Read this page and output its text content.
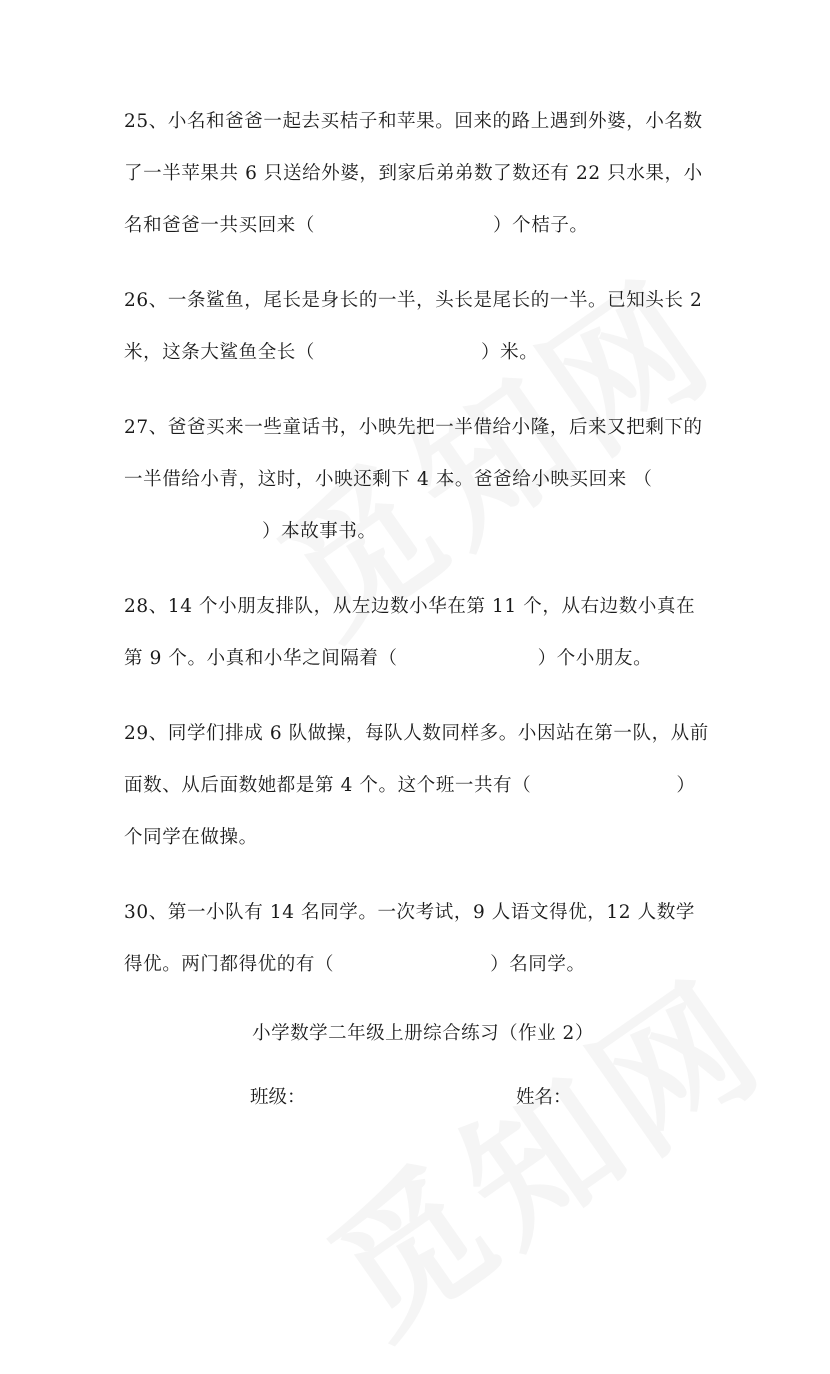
25、小名和爸爸一起去买桔子和苹果。回来的路上遇到外婆，小名数了一半苹果共 6 只送给外婆，到家后弟弟数了数还有 22 只水果，小名和爸爸一共买回来（	）个桔子。
26、一条鲨鱼，尾长是身长的一半，头长是尾长的一半。已知头长 2 米，这条大鲨鱼全长（	）米。
27、爸爸买来一些童话书，小映先把一半借给小隆，后来又把剩下的一半借给小青，这时，小映还剩下 4 本。爸爸给小映买回来 （）本故事书。
28、14 个小朋友排队，从左边数小华在第 11 个，从右边数小真在第 9 个。小真和小华之间隔着（	）个小朋友。
29、同学们排成 6 队做操，每队人数同样多。小因站在第一队，从前面数、从后面数她都是第 4 个。这个班一共有（	）个同学在做操。
30、第一小队有 14 名同学。一次考试，9 人语文得优，12 人数学得优。两门都得优的有（	）名同学。
小学数学二年级上册综合练习（作业 2）
班级：	姓名：
